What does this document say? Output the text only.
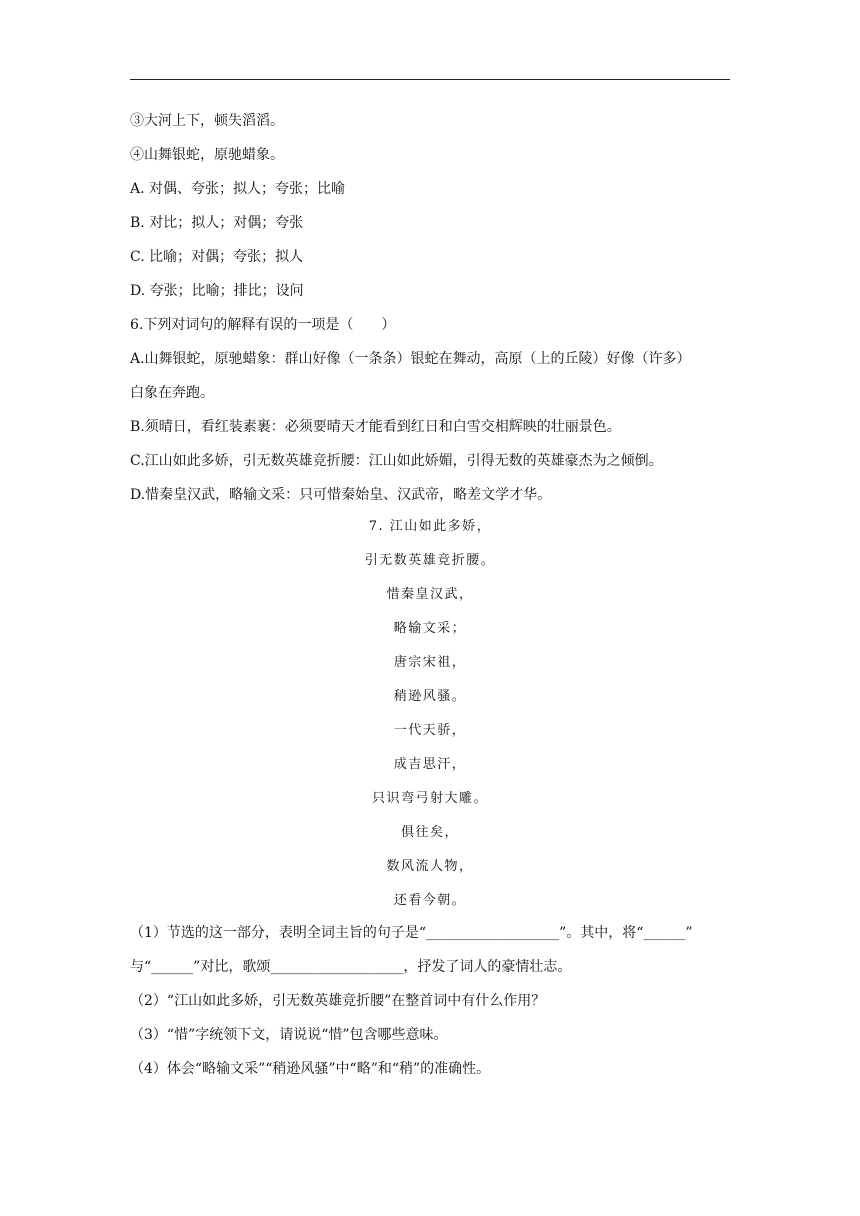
③大河上下，顿失滔滔。
④山舞银蛇，原驰蜡象。
A. 对偶、夸张；拟人；夸张；比喻
B. 对比；拟人；对偶；夸张
C. 比喻；对偶；夸张；拟人
D. 夸张；比喻；排比；设问
6.下列对词句的解释有误的一项是（　　）
A.山舞银蛇，原驰蜡象：群山好像（一条条）银蛇在舞动，高原（上的丘陵）好像（许多）
白象在奔跑。
B.须晴日，看红装素裹：必须要晴天才能看到红日和白雪交相辉映的壮丽景色。
C.江山如此多娇，引无数英雄竞折腰：江山如此娇媚，引得无数的英雄豪杰为之倾倒。
D.惜秦皇汉武，略输文采：只可惜秦始皇、汉武帝，略差文学才华。
7. 江山如此多娇，
引无数英雄竞折腰。
惜秦皇汉武，
略输文采；
唐宗宋祖，
稍逊风骚。
一代天骄，
成吉思汗，
只识弯弓射大雕。
俱往矣，
数风流人物，
还看今朝。
（1）节选的这一部分，表明全词主旨的句子是“___________________”。其中，将“______”
与“______”对比，歌颂___________________，抒发了词人的豪情壮志。
（2）“江山如此多娇，引无数英雄竞折腰”在整首词中有什么作用？
（3）“惜”字统领下文，请说说“惜”包含哪些意味。
（4）体会“略输文采”“稍逊风骚”中“略”和“稍”的准确性。
